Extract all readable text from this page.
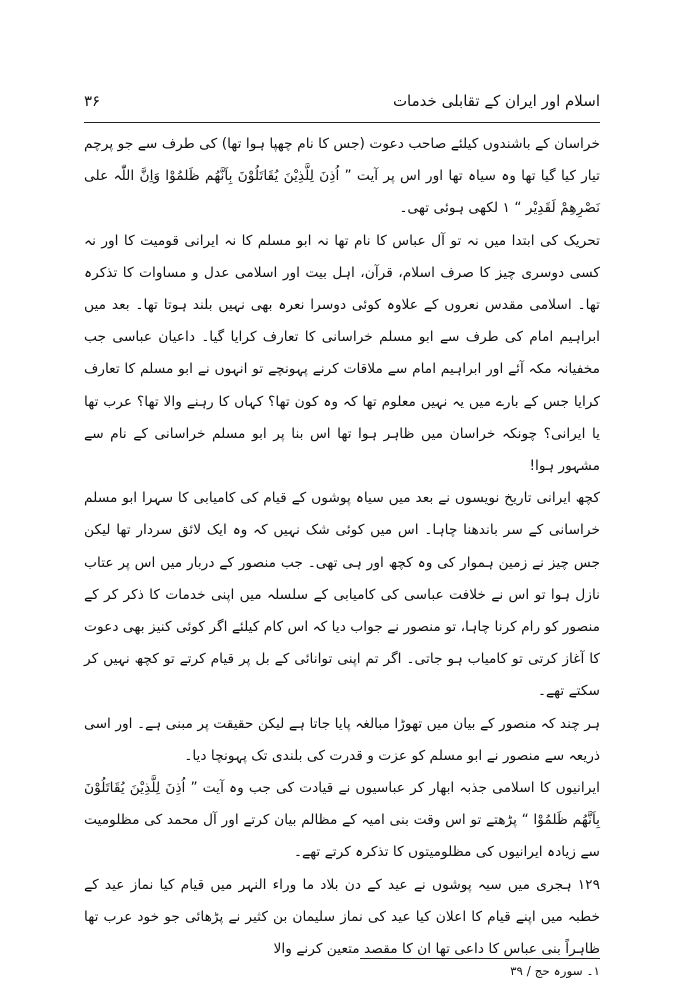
اسلام اور ایران کے تقابلی خدمات
۳۶

خراسان کے باشندوں کیلئے صاحب دعوت (جس کا نام چھپا ہوا تھا) کی طرف سے جو پرچم تیار کیا گیا تھا وہ سیاہ تھا اور اس پر آیت ” اُذِنَ لِلَّذِیْنَ یُقَاتَلُوْنَ بِاَنَّھُم ظَلمُوْا وَاِنَّ اللّٰہ علی نَصْرِھِمْ لَقَدِیْر “ ۱ لکھی ہوئی تھی۔

تحریک کی ابتدا میں نہ تو آل عباس کا نام تھا نہ ابو مسلم کا نہ ایرانی قومیت کا اور نہ کسی دوسری چیز کا صرف اسلام، قرآن، اہل بیت اور اسلامی عدل و مساوات کا تذکرہ تھا۔ اسلامی مقدس نعروں کے علاوہ کوئی دوسرا نعرہ بھی نہیں بلند ہوتا تھا۔ بعد میں ابراہیم امام کی طرف سے ابو مسلم خراسانی کا تعارف کرایا گیا۔ داعیان عباسی جب مخفیانہ مکہ آئے اور ابراہیم امام سے ملاقات کرنے پہونچے تو انہوں نے ابو مسلم کا تعارف کرایا جس کے بارے میں یہ نہیں معلوم تھا کہ وہ کون تھا؟ کہاں کا رہنے والا تھا؟ عرب تھا یا ایرانی؟ چونکہ خراسان میں ظاہر ہوا تھا اس بنا پر ابو مسلم خراسانی کے نام سے مشہور ہوا!

کچھ ایرانی تاریخ نویسوں نے بعد میں سیاہ پوشوں کے قیام کی کامیابی کا سہرا ابو مسلم خراسانی کے سر باندھنا چاہا۔ اس میں کوئی شک نہیں کہ وہ ایک لائق سردار تھا لیکن جس چیز نے زمین ہموار کی وہ کچھ اور ہی تھی۔ جب منصور کے دربار میں اس پر عتاب نازل ہوا تو اس نے خلافت عباسی کی کامیابی کے سلسلہ میں اپنی خدمات کا ذکر کر کے منصور کو رام کرنا چاہا، تو منصور نے جواب دیا کہ اس کام کیلئے اگر کوئی کنیز بھی دعوت کا آغاز کرتی تو کامیاب ہو جاتی۔ اگر تم اپنی توانائی کے بل پر قیام کرتے تو کچھ نہیں کر سکتے تھے۔

ہر چند کہ منصور کے بیان میں تھوڑا مبالغہ پایا جاتا ہے لیکن حقیقت پر مبنی ہے۔ اور اسی ذریعہ سے منصور نے ابو مسلم کو عزت و قدرت کی بلندی تک پہونچا دیا۔

ایرانیوں کا اسلامی جذبہ ابھار کر عباسیوں نے قیادت کی جب وہ آیت ” اُذِنَ لِلَّذِیْنَ یُقَاتَلُوْنَ بِاَنَّھُم ظَلمُوْا “ پڑھتے تو اس وقت بنی امیہ کے مظالم بیان کرتے اور آل محمد کی مظلومیت سے زیادہ ایرانیوں کی مظلومیتوں کا تذکرہ کرتے تھے۔

۱۲۹ ہجری میں سیہ پوشوں نے عید کے دن بلاد ما وراء النہر میں قیام کیا نماز عید کے خطبہ میں اپنے قیام کا اعلان کیا عید کی نماز سلیمان بن کثیر نے پڑھائی جو خود عرب تھا ظاہراً بنی عباس کا داعی تھا ان کا مقصد متعین کرنے والا

۱۔ سورہ حج / ۳۹
